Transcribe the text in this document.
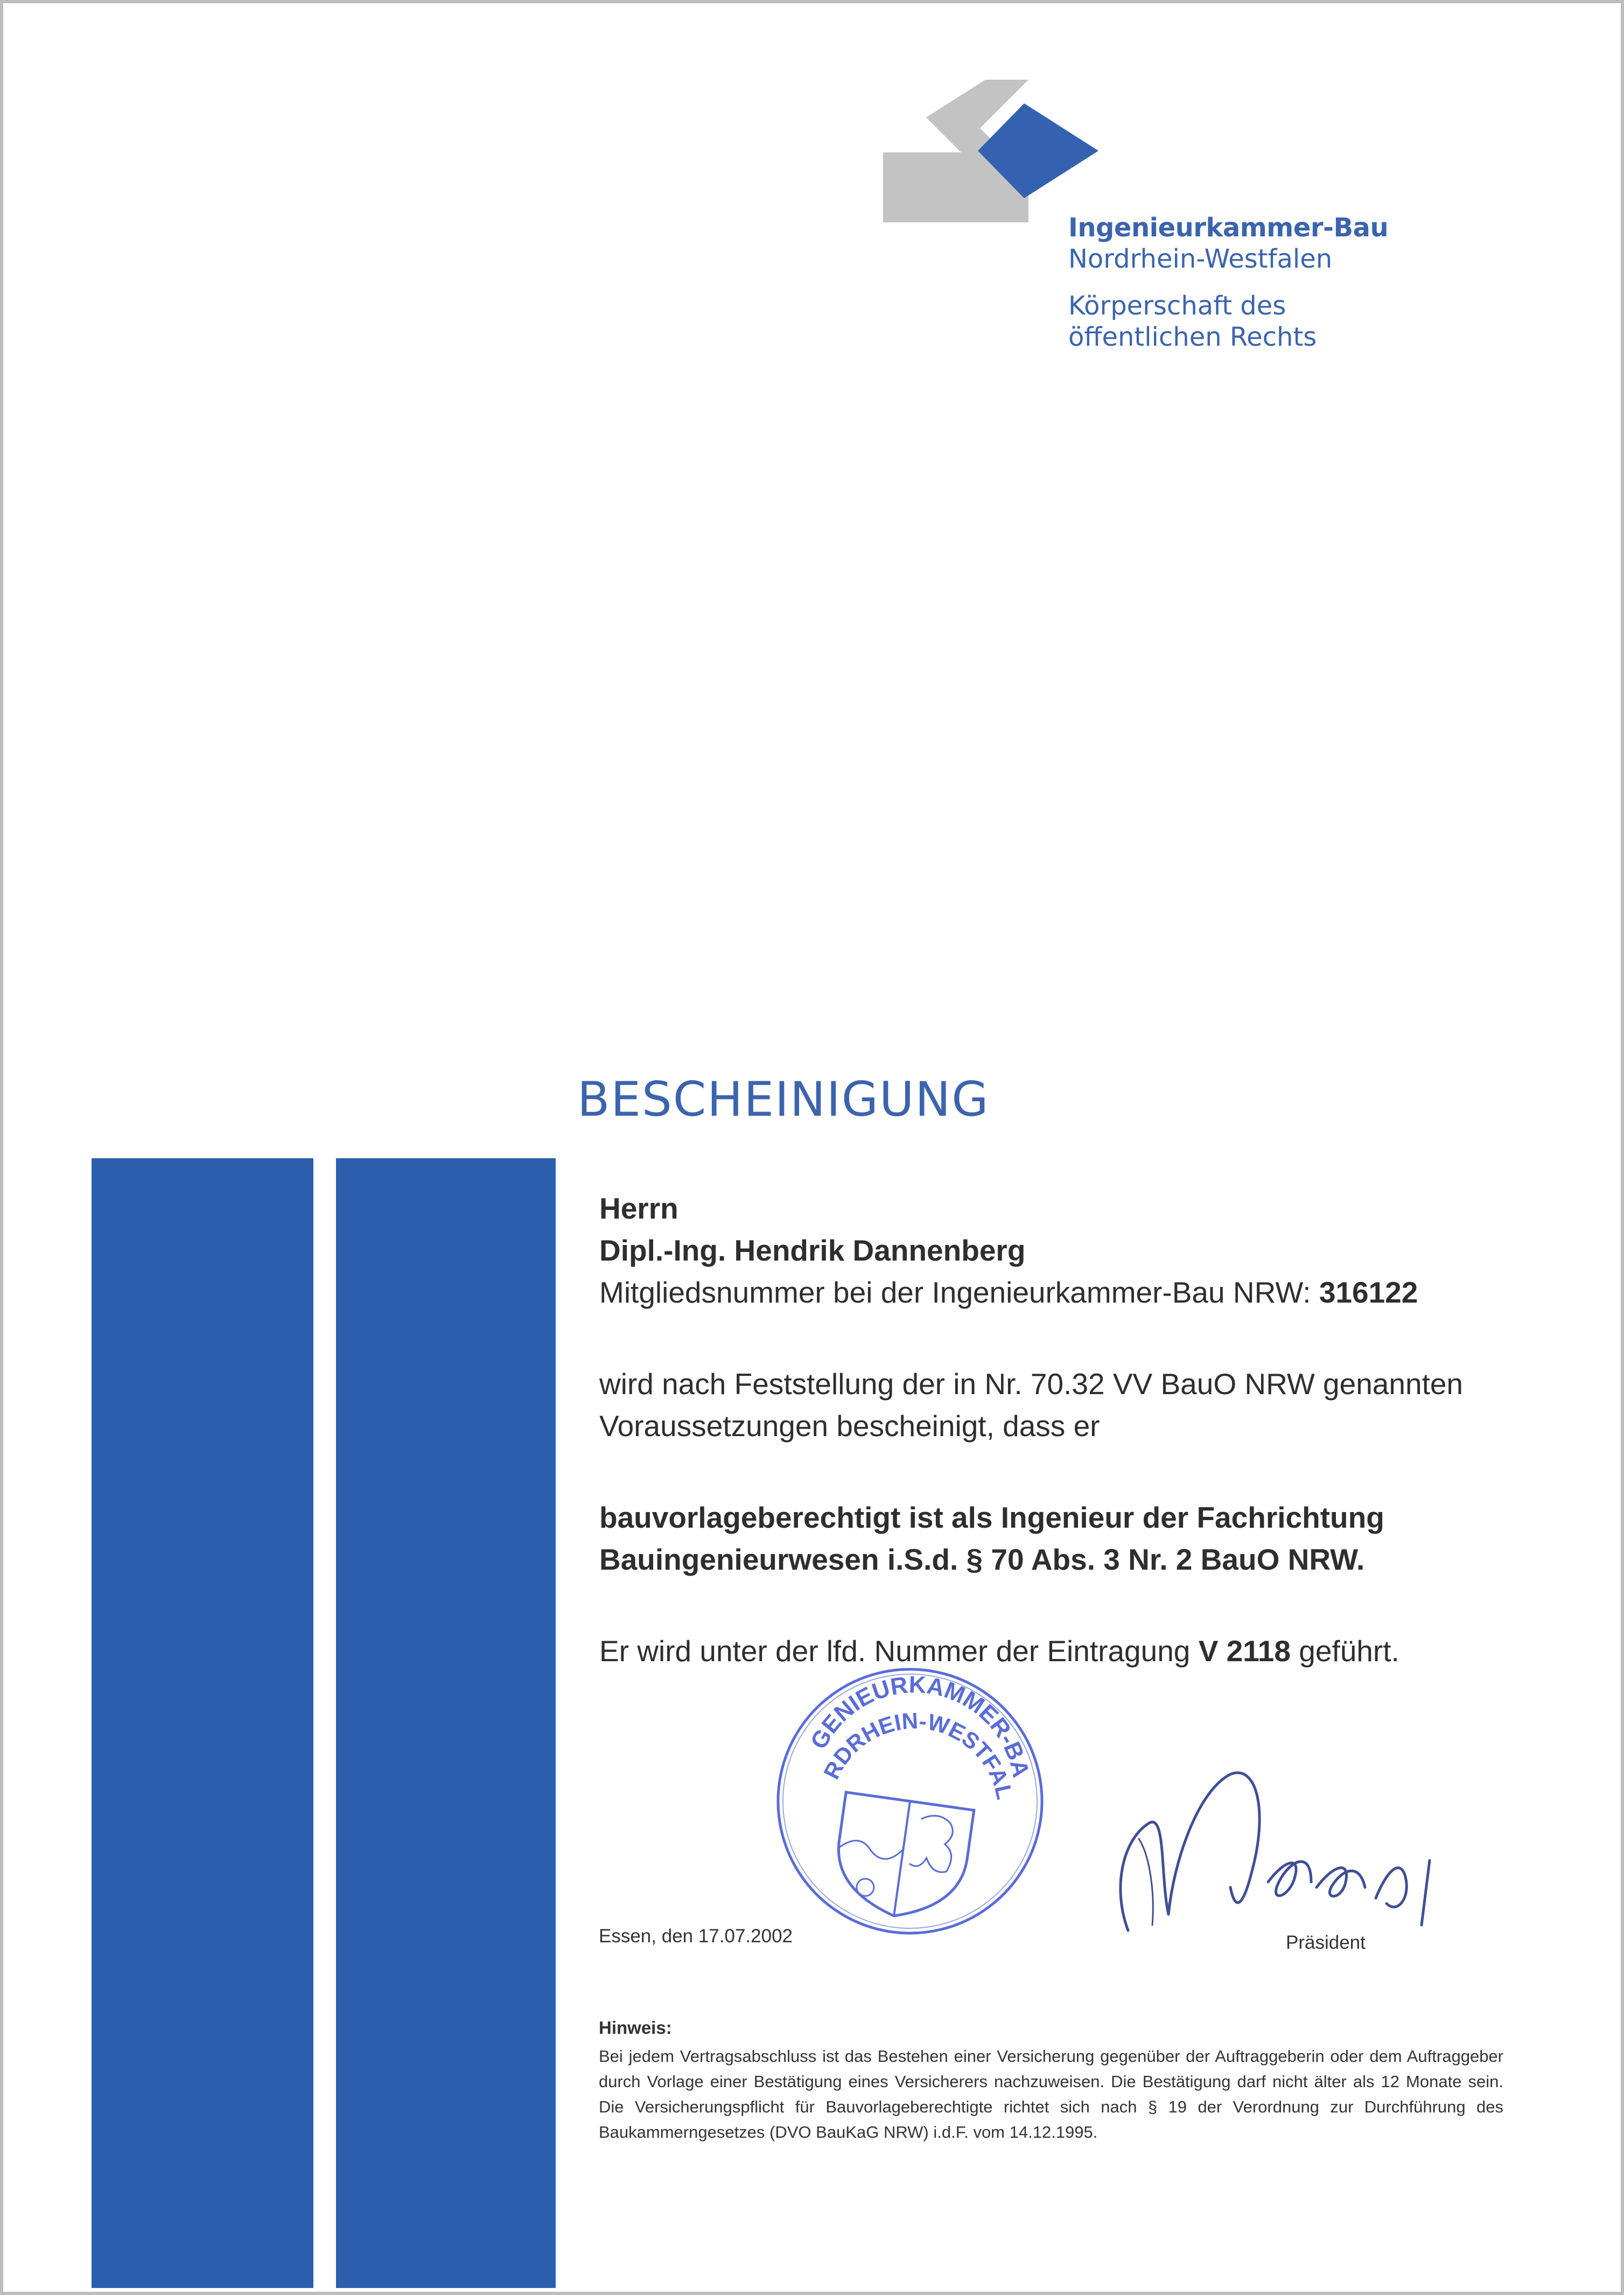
Ingenieurkammer-Bau
Nordrhein-Westfalen
Körperschaft des
öffentlichen Rechts
BESCHEINIGUNG
Herrn
Dipl.-Ing. Hendrik Dannenberg
Mitgliedsnummer bei der Ingenieurkammer-Bau NRW: 316122
wird nach Feststellung der in Nr. 70.32 VV BauO NRW genannten
Voraussetzungen bescheinigt, dass er
bauvorlageberechtigt ist als Ingenieur der Fachrichtung
Bauingenieurwesen i.S.d. § 70 Abs. 3 Nr. 2 BauO NRW.
Er wird unter der lfd. Nummer der Eintragung V 2118 geführt.
INGENIEURKAMMER-BAU
NORDRHEIN-WESTFALEN
Essen, den 17.07.2002	Präsident
Hinweis:
Bei jedem Vertragsabschluss ist das Bestehen einer Versicherung gegenüber der Auftraggeberin oder dem Auftraggeber durch Vorlage einer Bestätigung eines Versicherers nachzuweisen. Die Bestätigung darf nicht älter als 12 Monate sein. Die Versicherungspflicht für Bauvorlageberechtigte richtet sich nach § 19 der Verordnung zur Durchführung des Baukammerngesetzes (DVO BauKaG NRW) i.d.F. vom 14.12.1995.
